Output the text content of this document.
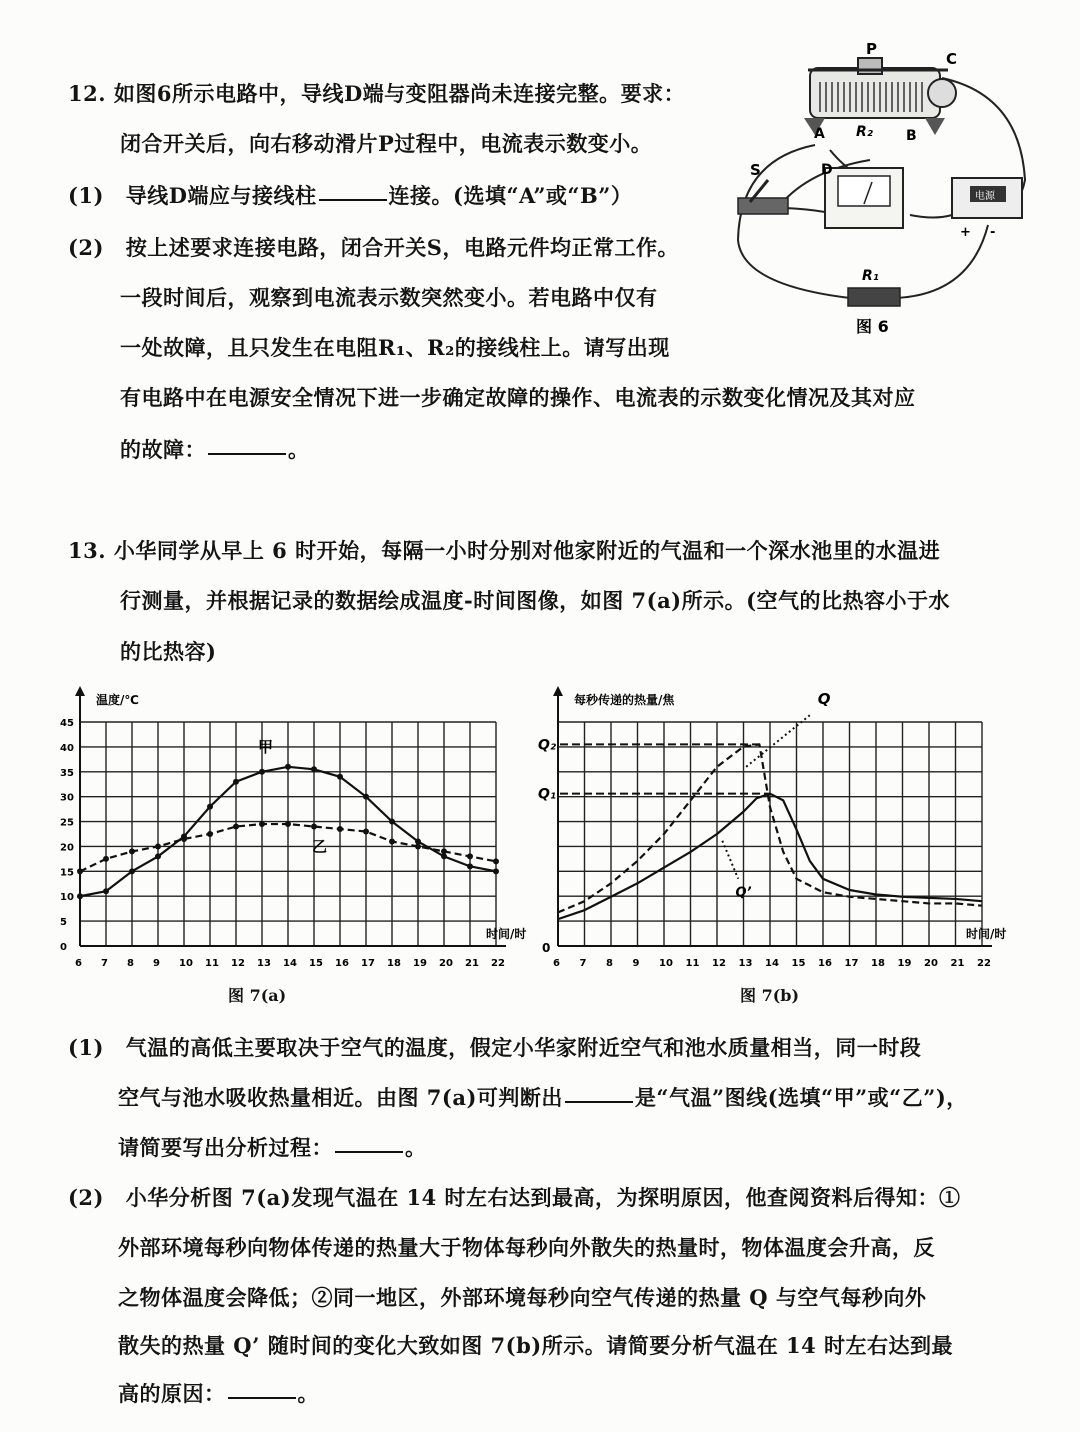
12. 如图6所示电路中，导线D端与变阻器尚未连接完整。要求：
闭合开关后，向右移动滑片P过程中，电流表示数变小。
(1) 导线D端应与接线柱	连接。(选填“A”或“B”）
(2) 按上述要求连接电路，闭合开关S，电路元件均正常工作。
一段时间后，观察到电流表示数突然变小。若电路中仅有
一处故障，且只发生在电阻R₁、R₂的接线柱上。请写出现
有电路中在电源安全情况下进一步确定故障的操作、电流表的示数变化情况及其对应
的故障：	。
P
C
A R₂ B
S	D
电源
+ -
R₁
图 6
13. 小华同学从早上 6 时开始，每隔一小时分别对他家附近的气温和一个深水池里的水温进
行测量，并根据记录的数据绘成温度-时间图像，如图 7(a)所示。(空气的比热容小于水
的比热容)
甲
乙
0
5
10
15
20
25
30
35
40
45
6 7 8 9 10 11 12 13 14 15 16 17 18 19 20 21 22
温度/℃
时间/时
图 7(a)
Q
Q’
6 7 8 9 10 11 12 13 14 15 16 17 18 19 20 21 22
Q₂
Q₁
每秒传递的热量/焦
时间/时
0
图 7(b)
(1) 气温的高低主要取决于空气的温度，假定小华家附近空气和池水质量相当，同一时段
空气与池水吸收热量相近。由图 7(a)可判断出	是“气温”图线(选填“甲”或“乙”)，
请简要写出分析过程：	。
(2) 小华分析图 7(a)发现气温在 14 时左右达到最高，为探明原因，他查阅资料后得知：①
外部环境每秒向物体传递的热量大于物体每秒向外散失的热量时，物体温度会升高，反
之物体温度会降低；②同一地区，外部环境每秒向空气传递的热量 Q 与空气每秒向外
散失的热量 Q’ 随时间的变化大致如图 7(b)所示。请简要分析气温在 14 时左右达到最
高的原因：	。
